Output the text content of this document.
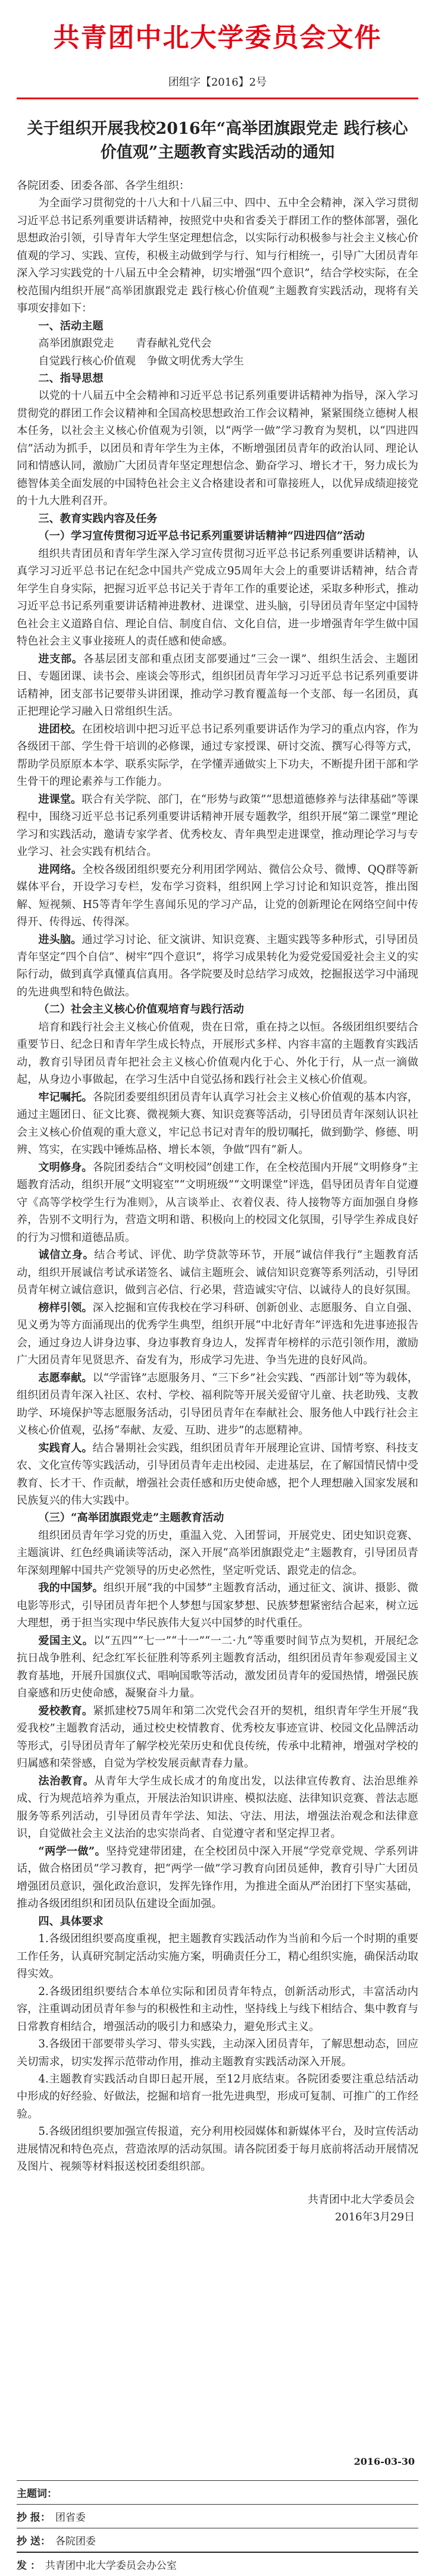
共青团中北大学委员会文件
团组字【2016】2号
关于组织开展我校2016年“高举团旗跟党走 践行核心价值观”主题教育实践活动的通知

各院团委、团委各部、各学生组织：

为全面学习贯彻党的十八大和十八届三中、四中、五中全会精神，深入学习贯彻习近平总书记系列重要讲话精神，按照党中央和省委关于群团工作的整体部署，强化思想政治引领，引导青年大学生坚定理想信念，以实际行动积极参与社会主义核心价值观的学习、实践、宣传，积极主动做到学与行、知与行相统一，引导广大团员青年深入学习实践党的十八届五中全会精神，切实增强“四个意识”，结合学校实际，在全校范围内组织开展“高举团旗跟党走 践行核心价值观”主题教育实践活动，现将有关事项安排如下：

一、活动主题

高举团旗跟党走　　青春献礼党代会

自觉践行核心价值观　争做文明优秀大学生

二、指导思想

以党的十八届五中全会精神和习近平总书记系列重要讲话精神为指导，深入学习贯彻党的群团工作会议精神和全国高校思想政治工作会议精神，紧紧围绕立德树人根本任务，以社会主义核心价值观为引领，以“两学一做”学习教育为契机，以“四进四信”活动为抓手，以团员和青年学生为主体，不断增强团员青年的政治认同、理论认同和情感认同，激励广大团员青年坚定理想信念、勤奋学习、增长才干，努力成长为德智体美全面发展的中国特色社会主义合格建设者和可靠接班人，以优异成绩迎接党的十九大胜利召开。

三、教育实践内容及任务

（一）学习宣传贯彻习近平总书记系列重要讲话精神“四进四信”活动

组织共青团员和青年学生深入学习宣传贯彻习近平总书记系列重要讲话精神，认真学习习近平总书记在纪念中国共产党成立95周年大会上的重要讲话精神，结合青年学生自身实际，把握习近平总书记关于青年工作的重要论述，采取多种形式，推动习近平总书记系列重要讲话精神进教材、进课堂、进头脑，引导团员青年坚定中国特色社会主义道路自信、理论自信、制度自信、文化自信，进一步增强青年学生做中国特色社会主义事业接班人的责任感和使命感。

进支部。各基层团支部和重点团支部要通过“三会一课”、组织生活会、主题团日、专题团课、读书会、座谈会等形式，组织团员青年学习习近平总书记系列重要讲话精神，团支部书记要带头讲团课，推动学习教育覆盖每一个支部、每一名团员，真正把理论学习融入日常组织生活。

进团校。在团校培训中把习近平总书记系列重要讲话作为学习的重点内容，作为各级团干部、学生骨干培训的必修课，通过专家授课、研讨交流、撰写心得等方式，帮助学员原原本本学、联系实际学，在学懂弄通做实上下功夫，不断提升团干部和学生骨干的理论素养与工作能力。

进课堂。联合有关学院、部门，在“形势与政策”“思想道德修养与法律基础”等课程中，围绕习近平总书记系列重要讲话精神开展专题教学，组织开展“第二课堂”理论学习和实践活动，邀请专家学者、优秀校友、青年典型走进课堂，推动理论学习与专业学习、社会实践有机结合。

进网络。全校各级团组织要充分利用团学网站、微信公众号、微博、QQ群等新媒体平台，开设学习专栏，发布学习资料，组织网上学习讨论和知识竞答，推出图解、短视频、H5等青年学生喜闻乐见的学习产品，让党的创新理论在网络空间中传得开、传得远、传得深。

进头脑。通过学习讨论、征文演讲、知识竞赛、主题实践等多种形式，引导团员青年坚定“四个自信”、树牢“四个意识”，将学习成果转化为爱党爱国爱社会主义的实际行动，做到真学真懂真信真用。各学院要及时总结学习成效，挖掘报送学习中涌现的先进典型和特色做法。

（二）社会主义核心价值观培育与践行活动

培育和践行社会主义核心价值观，贵在日常，重在持之以恒。各级团组织要结合重要节日、纪念日和青年学生成长特点，开展形式多样、内容丰富的主题教育实践活动，教育引导团员青年把社会主义核心价值观内化于心、外化于行，从一点一滴做起，从身边小事做起，在学习生活中自觉弘扬和践行社会主义核心价值观。

牢记嘱托。各院团委要组织团员青年认真学习社会主义核心价值观的基本内容，通过主题团日、征文比赛、微视频大赛、知识竞赛等活动，引导团员青年深刻认识社会主义核心价值观的重大意义，牢记总书记对青年的殷切嘱托，做到勤学、修德、明辨、笃实，在实践中锤炼品格、增长本领，争做“四有”新人。

文明修身。各院团委结合“文明校园”创建工作，在全校范围内开展“文明修身”主题教育活动，组织开展“文明寝室”“文明班级”“文明课堂”评选，倡导团员青年自觉遵守《高等学校学生行为准则》，从言谈举止、衣着仪表、待人接物等方面加强自身修养，告别不文明行为，营造文明和谐、积极向上的校园文化氛围，引导学生养成良好的行为习惯和道德品质。

诚信立身。结合考试、评优、助学贷款等环节，开展“诚信伴我行”主题教育活动，组织开展诚信考试承诺签名、诚信主题班会、诚信知识竞赛等系列活动，引导团员青年树立诚信意识，做到言必信、行必果，营造诚实守信、以诚待人的良好氛围。

榜样引领。深入挖掘和宣传我校在学习科研、创新创业、志愿服务、自立自强、见义勇为等方面涌现出的优秀学生典型，组织开展“中北好青年”评选和先进事迹报告会，通过身边人讲身边事、身边事教育身边人，发挥青年榜样的示范引领作用，激励广大团员青年见贤思齐、奋发有为，形成学习先进、争当先进的良好风尚。

志愿奉献。以“学雷锋”志愿服务月、“三下乡”社会实践、“西部计划”等为载体，组织团员青年深入社区、农村、学校、福利院等开展关爱留守儿童、扶老助残、支教助学、环境保护等志愿服务活动，引导团员青年在奉献社会、服务他人中践行社会主义核心价值观，弘扬“奉献、友爱、互助、进步”的志愿精神。

实践育人。结合暑期社会实践，组织团员青年开展理论宣讲、国情考察、科技支农、文化宣传等实践活动，引导团员青年走出校园、走进基层，在了解国情民情中受教育、长才干、作贡献，增强社会责任感和历史使命感，把个人理想融入国家发展和民族复兴的伟大实践中。

（三）“高举团旗跟党走”主题教育活动

组织团员青年学习党的历史，重温入党、入团誓词，开展党史、团史知识竞赛、主题演讲、红色经典诵读等活动，深入开展“高举团旗跟党走”主题教育，引导团员青年深刻理解中国共产党领导的历史必然性，坚定听党话、跟党走的信念。

我的中国梦。组织开展“我的中国梦”主题教育活动，通过征文、演讲、摄影、微电影等形式，引导团员青年把个人梦想与国家梦想、民族梦想紧密结合起来，树立远大理想，勇于担当实现中华民族伟大复兴中国梦的时代重任。

爱国主义。以“五四”“七一”“十一”“一二·九”等重要时间节点为契机，开展纪念抗日战争胜利、纪念红军长征胜利等系列主题教育活动，组织团员青年参观爱国主义教育基地，开展升国旗仪式、唱响国歌等活动，激发团员青年的爱国热情，增强民族自豪感和历史使命感，凝聚奋斗力量。

爱校教育。紧抓建校75周年和第二次党代会召开的契机，组织青年学生开展“我爱我校”主题教育活动，通过校史校情教育、优秀校友事迹宣讲、校园文化品牌活动等形式，引导团员青年了解学校光荣历史和优良传统，传承中北精神，增强对学校的归属感和荣誉感，自觉为学校发展贡献青春力量。

法治教育。从青年大学生成长成才的角度出发，以法律宣传教育、法治思维养成、行为规范培养为重点，开展法治知识讲座、模拟法庭、法律知识竞赛、普法志愿服务等系列活动，引导团员青年学法、知法、守法、用法，增强法治观念和法律意识，自觉做社会主义法治的忠实崇尚者、自觉遵守者和坚定捍卫者。

“两学一做”。坚持党建带团建，在全校团员中深入开展“学党章党规、学系列讲话，做合格团员”学习教育，把“两学一做”学习教育向团员延伸，教育引导广大团员增强团员意识，强化政治意识，发挥先锋作用，为推进全面从严治团打下坚实基础，推动各级团组织和团员队伍建设全面加强。

四、具体要求

1.各级团组织要高度重视，把主题教育实践活动作为当前和今后一个时期的重要工作任务，认真研究制定活动实施方案，明确责任分工，精心组织实施，确保活动取得实效。

2.各级团组织要结合本单位实际和团员青年特点，创新活动形式，丰富活动内容，注重调动团员青年参与的积极性和主动性，坚持线上与线下相结合、集中教育与日常教育相结合，增强活动的吸引力和感染力，避免形式主义。

3.各级团干部要带头学习、带头实践，主动深入团员青年，了解思想动态，回应关切需求，切实发挥示范带动作用，推动主题教育实践活动深入开展。

4.主题教育实践活动自即日起开展，至12月底结束。各院团委要注重总结活动中形成的好经验、好做法，挖掘和培育一批先进典型，形成可复制、可推广的工作经验。

5.各级团组织要加强宣传报道，充分利用校园媒体和新媒体平台，及时宣传活动进展情况和特色亮点，营造浓厚的活动氛围。请各院团委于每月底前将活动开展情况及图片、视频等材料报送校团委组织部。

共青团中北大学委员会
2016年3月29日
2016-03-30
主题词：
抄 报： 团省委
抄 送： 各院团委
发 ： 共青团中北大学委员会办公室
